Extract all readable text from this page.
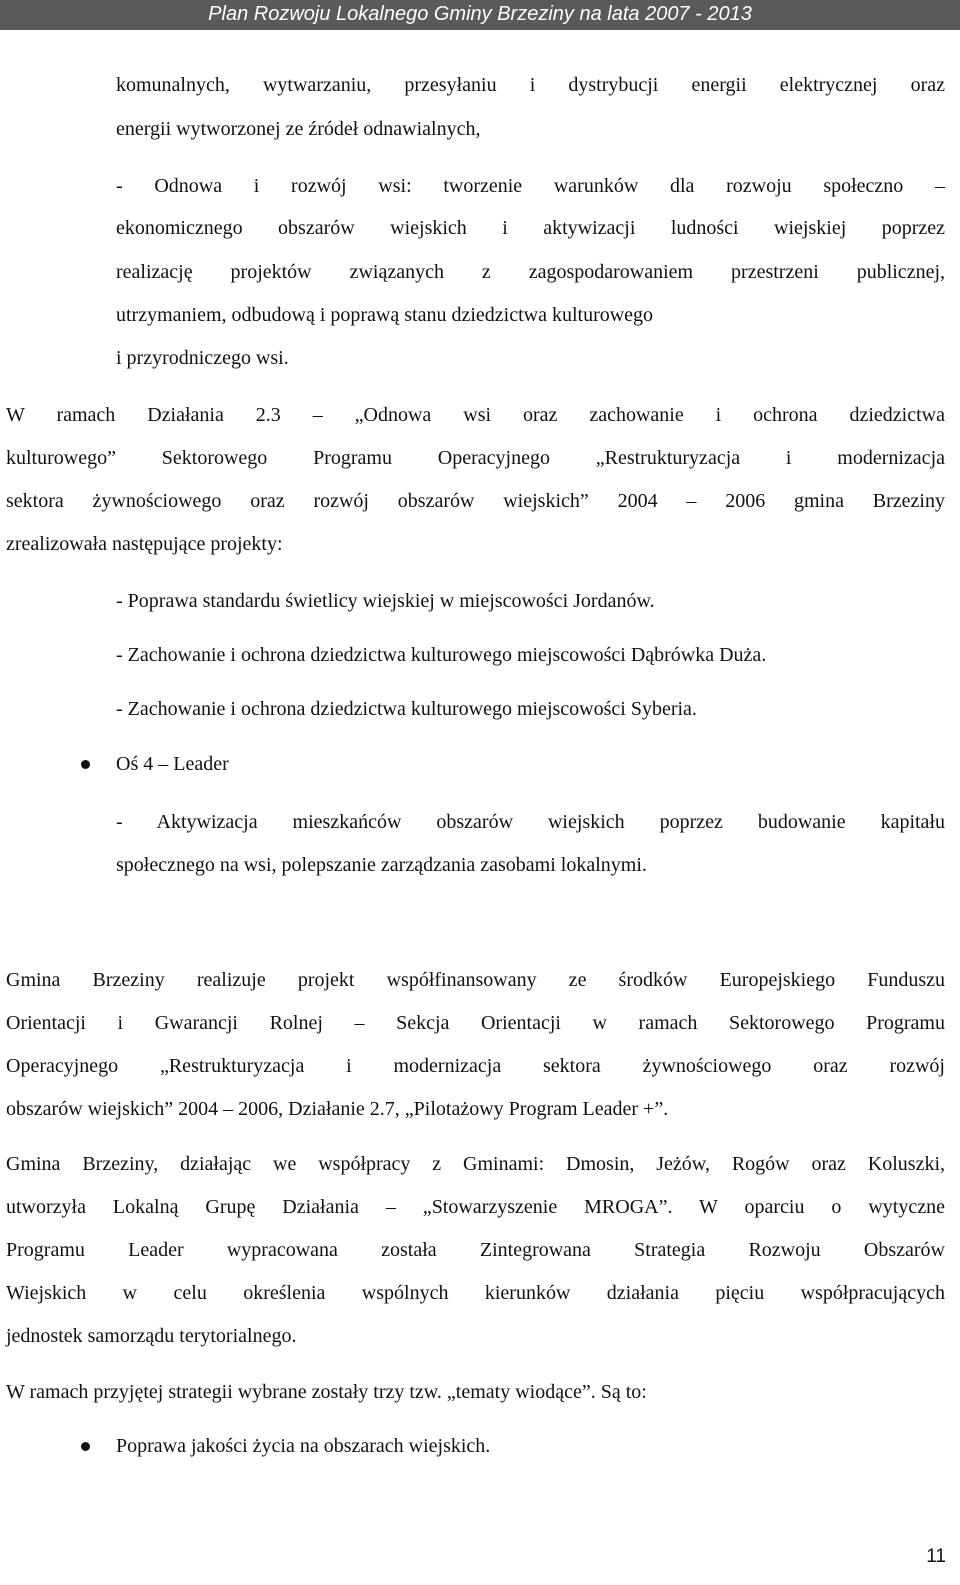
Plan Rozwoju Lokalnego Gminy Brzeziny na lata 2007 - 2013
komunalnych, wytwarzaniu, przesyłaniu i dystrybucji energii elektrycznej oraz
energii wytworzonej ze źródeł odnawialnych,
- Odnowa i rozwój wsi: tworzenie warunków dla rozwoju społeczno –
ekonomicznego obszarów wiejskich i aktywizacji ludności wiejskiej poprzez
realizację projektów związanych z zagospodarowaniem przestrzeni publicznej,
utrzymaniem, odbudową i poprawą stanu dziedzictwa kulturowego
i przyrodniczego wsi.
W ramach Działania 2.3 – „Odnowa wsi oraz zachowanie i ochrona dziedzictwa
kulturowego” Sektorowego Programu Operacyjnego „Restrukturyzacja i modernizacja
sektora żywnościowego oraz rozwój obszarów wiejskich” 2004 – 2006 gmina Brzeziny
zrealizowała następujące projekty:
- Poprawa standardu świetlicy wiejskiej w miejscowości Jordanów.
- Zachowanie i ochrona dziedzictwa kulturowego miejscowości Dąbrówka Duża.
- Zachowanie i ochrona dziedzictwa kulturowego miejscowości Syberia.
Oś 4 – Leader
- Aktywizacja mieszkańców obszarów wiejskich poprzez budowanie kapitału
społecznego na wsi, polepszanie zarządzania zasobami lokalnymi.
Gmina Brzeziny realizuje projekt współfinansowany ze środków Europejskiego Funduszu
Orientacji i Gwarancji Rolnej – Sekcja Orientacji w ramach Sektorowego Programu
Operacyjnego „Restrukturyzacja i modernizacja sektora żywnościowego oraz rozwój
obszarów wiejskich” 2004 – 2006, Działanie 2.7, „Pilotażowy Program Leader +”.
Gmina Brzeziny, działając we współpracy z Gminami: Dmosin, Jeżów, Rogów oraz Koluszki,
utworzyła Lokalną Grupę Działania – „Stowarzyszenie MROGA”. W oparciu o wytyczne
Programu Leader wypracowana została Zintegrowana Strategia Rozwoju Obszarów
Wiejskich w celu określenia wspólnych kierunków działania pięciu współpracujących
jednostek samorządu terytorialnego.
W ramach przyjętej strategii wybrane zostały trzy tzw. „tematy wiodące”. Są to:
Poprawa jakości życia na obszarach wiejskich.
11
